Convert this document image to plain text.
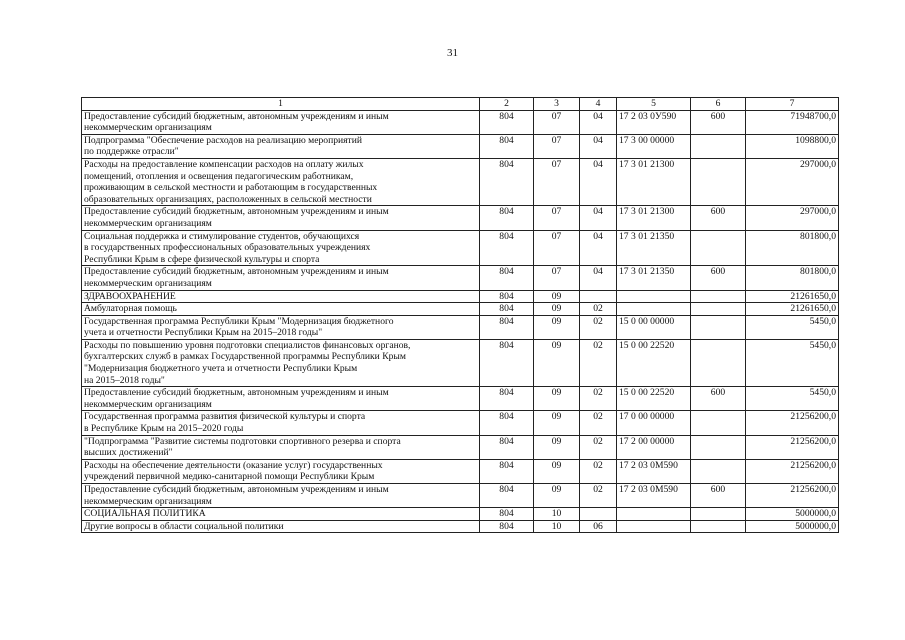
31
1	2	3	4	5	6	7

Предоставление субсидий бюджетным, автономным учреждениям и иным
некоммерческим организациям	804	07	04	17 2 03 0У590	600	71948700,0

Подпрограмма "Обеспечение расходов на реализацию мероприятий
по поддержке отрасли"	804	07	04	17 3 00 00000		1098800,0

Расходы на предоставление компенсации расходов на оплату жилых
помещений, отопления и освещения педагогическим работникам,
проживающим в сельской местности и работающим в государственных
образовательных организациях, расположенных в сельской местности	804	07	04	17 3 01 21300		297000,0

Предоставление субсидий бюджетным, автономным учреждениям и иным
некоммерческим организациям	804	07	04	17 3 01 21300	600	297000,0

Социальная поддержка и стимулирование студентов, обучающихся
в государственных профессиональных образовательных учреждениях
Республики Крым в сфере физической культуры и спорта	804	07	04	17 3 01 21350		801800,0

Предоставление субсидий бюджетным, автономным учреждениям и иным
некоммерческим организациям	804	07	04	17 3 01 21350	600	801800,0

ЗДРАВООХРАНЕНИЕ	804	09				21261650,0

Амбулаторная помощь	804	09	02			21261650,0

Государственная программа Республики Крым "Модернизация бюджетного
учета и отчетности Республики Крым на 2015–2018 годы"	804	09	02	15 0 00 00000		5450,0

Расходы по повышению уровня подготовки специалистов финансовых органов,
бухгалтерских служб в рамках Государственной программы Республики Крым
"Модернизация бюджетного учета и отчетности Республики Крым
на 2015–2018 годы"	804	09	02	15 0 00 22520		5450,0

Предоставление субсидий бюджетным, автономным учреждениям и иным
некоммерческим организациям	804	09	02	15 0 00 22520	600	5450,0

Государственная программа развития физической культуры и спорта
в Республике Крым на 2015–2020 годы	804	09	02	17 0 00 00000		21256200,0

"Подпрограмма "Развитие системы подготовки спортивного резерва и спорта
высших достижений"	804	09	02	17 2 00 00000		21256200,0

Расходы на обеспечение деятельности (оказание услуг) государственных
учреждений первичной медико-санитарной помощи Республики Крым	804	09	02	17 2 03 0М590		21256200,0

Предоставление субсидий бюджетным, автономным учреждениям и иным
некоммерческим организациям	804	09	02	17 2 03 0М590	600	21256200,0

СОЦИАЛЬНАЯ ПОЛИТИКА	804	10				5000000,0

Другие вопросы в области социальной политики	804	10	06			5000000,0
